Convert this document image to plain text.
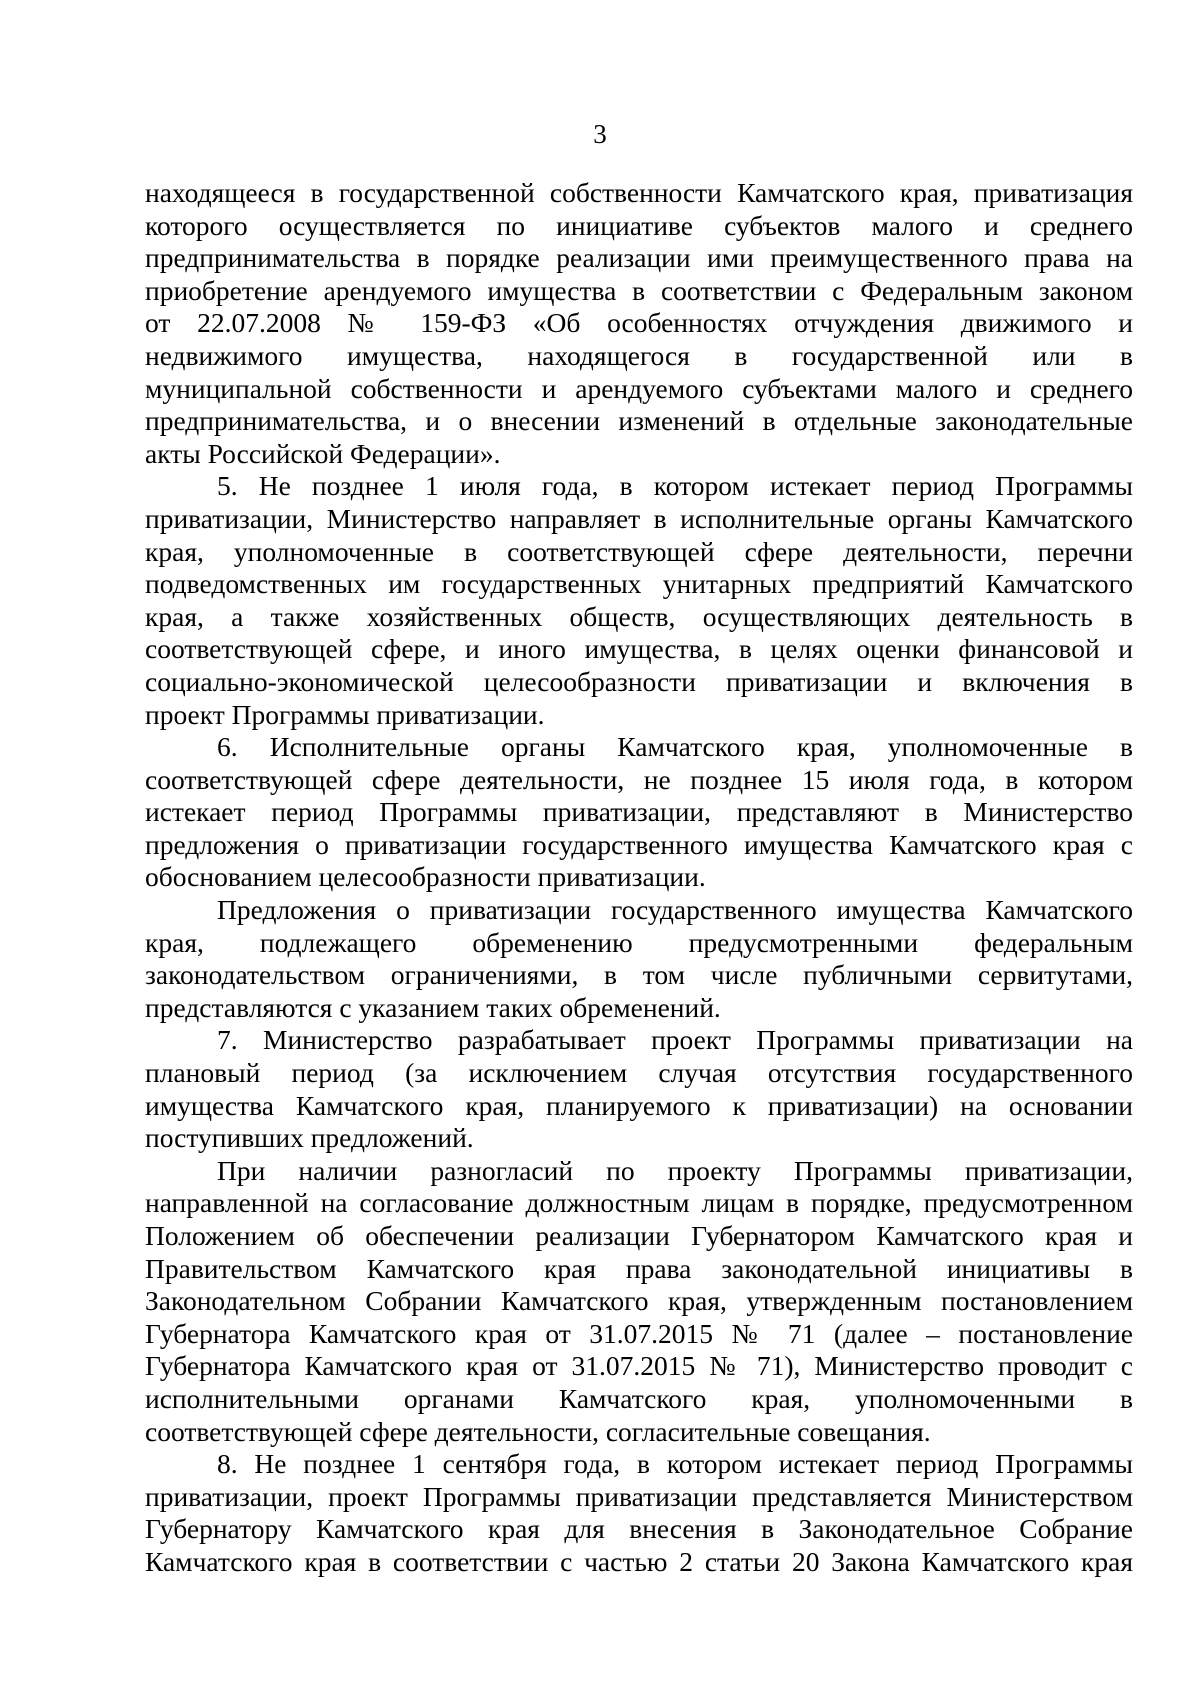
3
находящееся в государственной собственности Камчатского края, приватизация
которого осуществляется по инициативе субъектов малого и среднего
предпринимательства в порядке реализации ими преимущественного права на
приобретение арендуемого имущества в соответствии с Федеральным законом
от 22.07.2008 № 159-ФЗ «Об особенностях отчуждения движимого и
недвижимого имущества, находящегося в государственной или в
муниципальной собственности и арендуемого субъектами малого и среднего
предпринимательства, и о внесении изменений в отдельные законодательные
акты Российской Федерации».
5. Не позднее 1 июля года, в котором истекает период Программы
приватизации, Министерство направляет в исполнительные органы Камчатского
края, уполномоченные в соответствующей сфере деятельности, перечни
подведомственных им государственных унитарных предприятий Камчатского
края, а также хозяйственных обществ, осуществляющих деятельность в
соответствующей сфере, и иного имущества, в целях оценки финансовой и
социально-экономической целесообразности приватизации и включения в
проект Программы приватизации.
6. Исполнительные органы Камчатского края, уполномоченные в
соответствующей сфере деятельности, не позднее 15 июля года, в котором
истекает период Программы приватизации, представляют в Министерство
предложения о приватизации государственного имущества Камчатского края с
обоснованием целесообразности приватизации.
Предложения о приватизации государственного имущества Камчатского
края, подлежащего обременению предусмотренными федеральным
законодательством ограничениями, в том числе публичными сервитутами,
представляются с указанием таких обременений.
7. Министерство разрабатывает проект Программы приватизации на
плановый период (за исключением случая отсутствия государственного
имущества Камчатского края, планируемого к приватизации) на основании
поступивших предложений.
При наличии разногласий по проекту Программы приватизации,
направленной на согласование должностным лицам в порядке, предусмотренном
Положением об обеспечении реализации Губернатором Камчатского края и
Правительством Камчатского края права законодательной инициативы в
Законодательном Собрании Камчатского края, утвержденным постановлением
Губернатора Камчатского края от 31.07.2015 № 71 (далее – постановление
Губернатора Камчатского края от 31.07.2015 № 71), Министерство проводит с
исполнительными органами Камчатского края, уполномоченными в
соответствующей сфере деятельности, согласительные совещания.
8. Не позднее 1 сентября года, в котором истекает период Программы
приватизации, проект Программы приватизации представляется Министерством
Губернатору Камчатского края для внесения в Законодательное Собрание
Камчатского края в соответствии с частью 2 статьи 20 Закона Камчатского края
